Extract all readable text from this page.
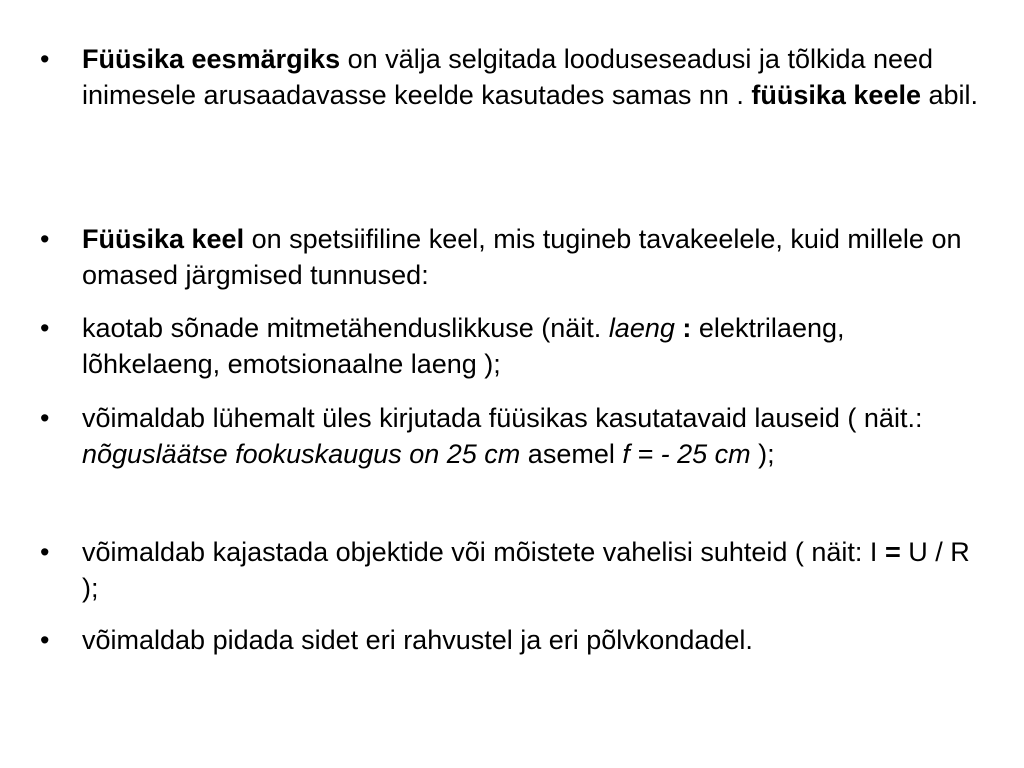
•	Füüsika eesmärgiks on välja selgitada looduseseadusi ja tõlkida need inimesele arusaadavasse keelde kasutades samas nn . füüsika keele abil.
•	Füüsika keel on spetsiifiline keel, mis tugineb tavakeelele, kuid millele on omased järgmised tunnused:
•	kaotab sõnade mitmetähenduslikkuse (näit. laeng : elektrilaeng, lõhkelaeng, emotsionaalne laeng );
•	võimaldab lühemalt üles kirjutada füüsikas kasutatavaid lauseid ( näit.: nõgusläätse fookuskaugus on 25 cm asemel f = - 25 cm );
•	võimaldab kajastada objektide või mõistete vahelisi suhteid ( näit: I = U / R );
•	võimaldab pidada sidet eri rahvustel ja eri põlvkondadel.
